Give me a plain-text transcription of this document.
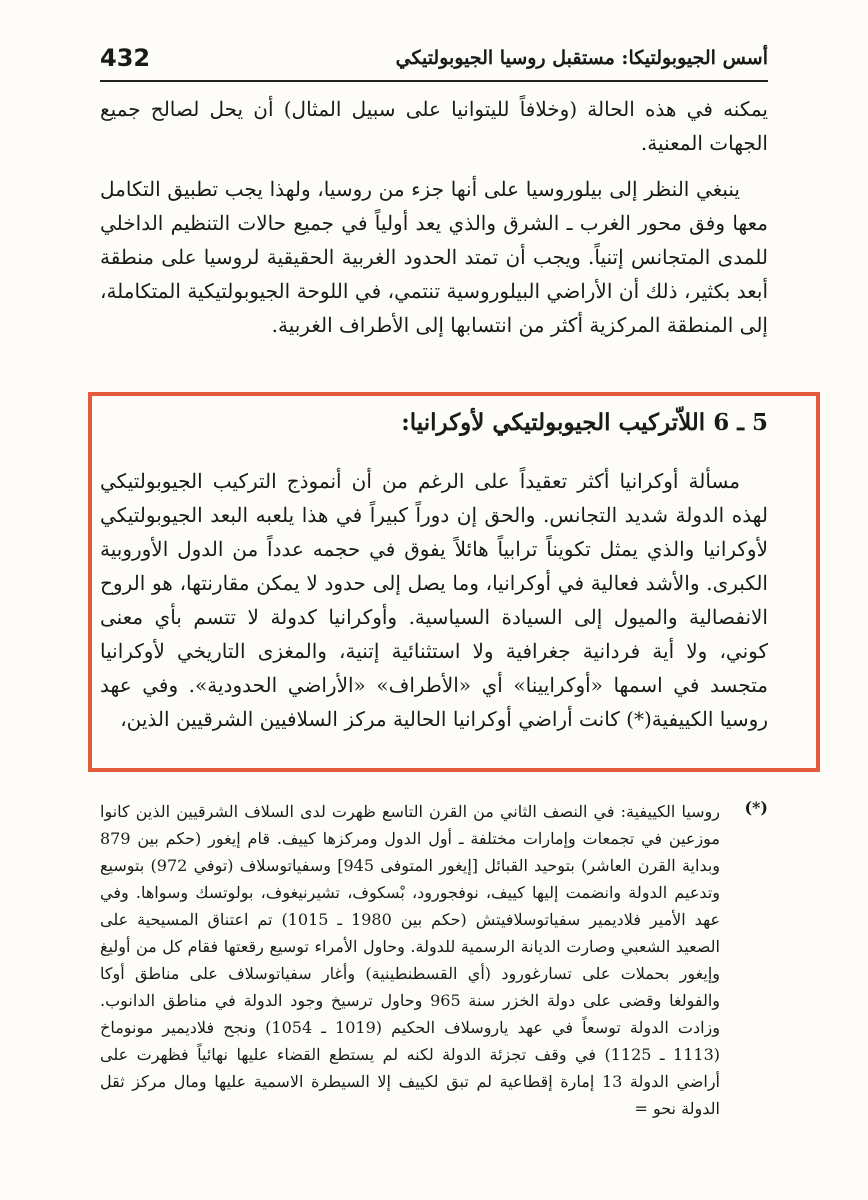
432	أسس الجيوبولتيكا: مستقبل روسيا الجيوبولتيكي

يمكنه في هذه الحالة (وخلافاً لليتوانيا على سبيل المثال) أن يحل لصالح جميع الجهات المعنية.

ينبغي النظر إلى بيلوروسيا على أنها جزء من روسيا، ولهذا يجب تطبيق التكامل معها وفق محور الغرب ـ الشرق والذي يعد أولياً في جميع حالات التنظيم الداخلي للمدى المتجانس إتنياً. ويجب أن تمتد الحدود الغربية الحقيقية لروسيا على منطقة أبعد بكثير، ذلك أن الأراضي البيلوروسية تنتمي، في اللوحة الجيوبولتيكية المتكاملة، إلى المنطقة المركزية أكثر من انتسابها إلى الأطراف الغربية.

5 ـ 6 اللاّتركيب الجيوبولتيكي لأوكرانيا:

مسألة أوكرانيا أكثر تعقيداً على الرغم من أن أنموذج التركيب الجيوبولتيكي لهذه الدولة شديد التجانس. والحق إن دوراً كبيراً في هذا يلعبه البعد الجيوبولتيكي لأوكرانيا والذي يمثل تكويناً ترابياً هائلاً يفوق في حجمه عدداً من الدول الأوروبية الكبرى. والأشد فعالية في أوكرانيا، وما يصل إلى حدود لا يمكن مقارنتها، هو الروح الانفصالية والميول إلى السيادة السياسية. وأوكرانيا كدولة لا تتسم بأي معنى كوني، ولا أية فردانية جغرافية ولا استثنائية إتنية، والمغزى التاريخي لأوكرانيا متجسد في اسمها «أوكرايينا» أي «الأطراف» «الأراضي الحدودية». وفي عهد روسيا الكييفية(*) كانت أراضي أوكرانيا الحالية مركز السلافيين الشرقيين الذين،

(*)
روسيا الكييفية: في النصف الثاني من القرن التاسع ظهرت لدى السلاف الشرقيين الذين كانوا موزعين في تجمعات وإمارات مختلفة ـ أول الدول ومركزها كييف. قام إيغور (حكم بين 879 وبداية القرن العاشر) بتوحيد القبائل [إيغور المتوفى 945] وسفياتوسلاف (توفي 972) بتوسيع وتدعيم الدولة وانضمت إليها كييف، نوفجورود، بْسكوف، تشيرنيغوف، بولوتسك وسواها. وفي عهد الأمير فلاديمير سفياتوسلافيتش (حكم بين 1980 ـ 1015) تم اعتناق المسيحية على الصعيد الشعبي وصارت الديانة الرسمية للدولة. وحاول الأمراء توسيع رقعتها فقام كل من أوليغ وإيغور بحملات على تسارغورود (أي القسطنطينية) وأغار سفياتوسلاف على مناطق أوكا والفولغا وقضى على دولة الخزر سنة 965 وحاول ترسيخ وجود الدولة في مناطق الدانوب. وزادت الدولة توسعاً في عهد ياروسلاف الحكيم (1019 ـ 1054) ونجح فلاديمير مونوماخ (1113 ـ 1125) في وقف تجزئة الدولة لكنه لم يستطع القضاء عليها نهائياً فظهرت على أراضي الدولة 13 إمارة إقطاعية لم تبق لكييف إلا السيطرة الاسمية عليها ومال مركز ثقل الدولة نحو =
